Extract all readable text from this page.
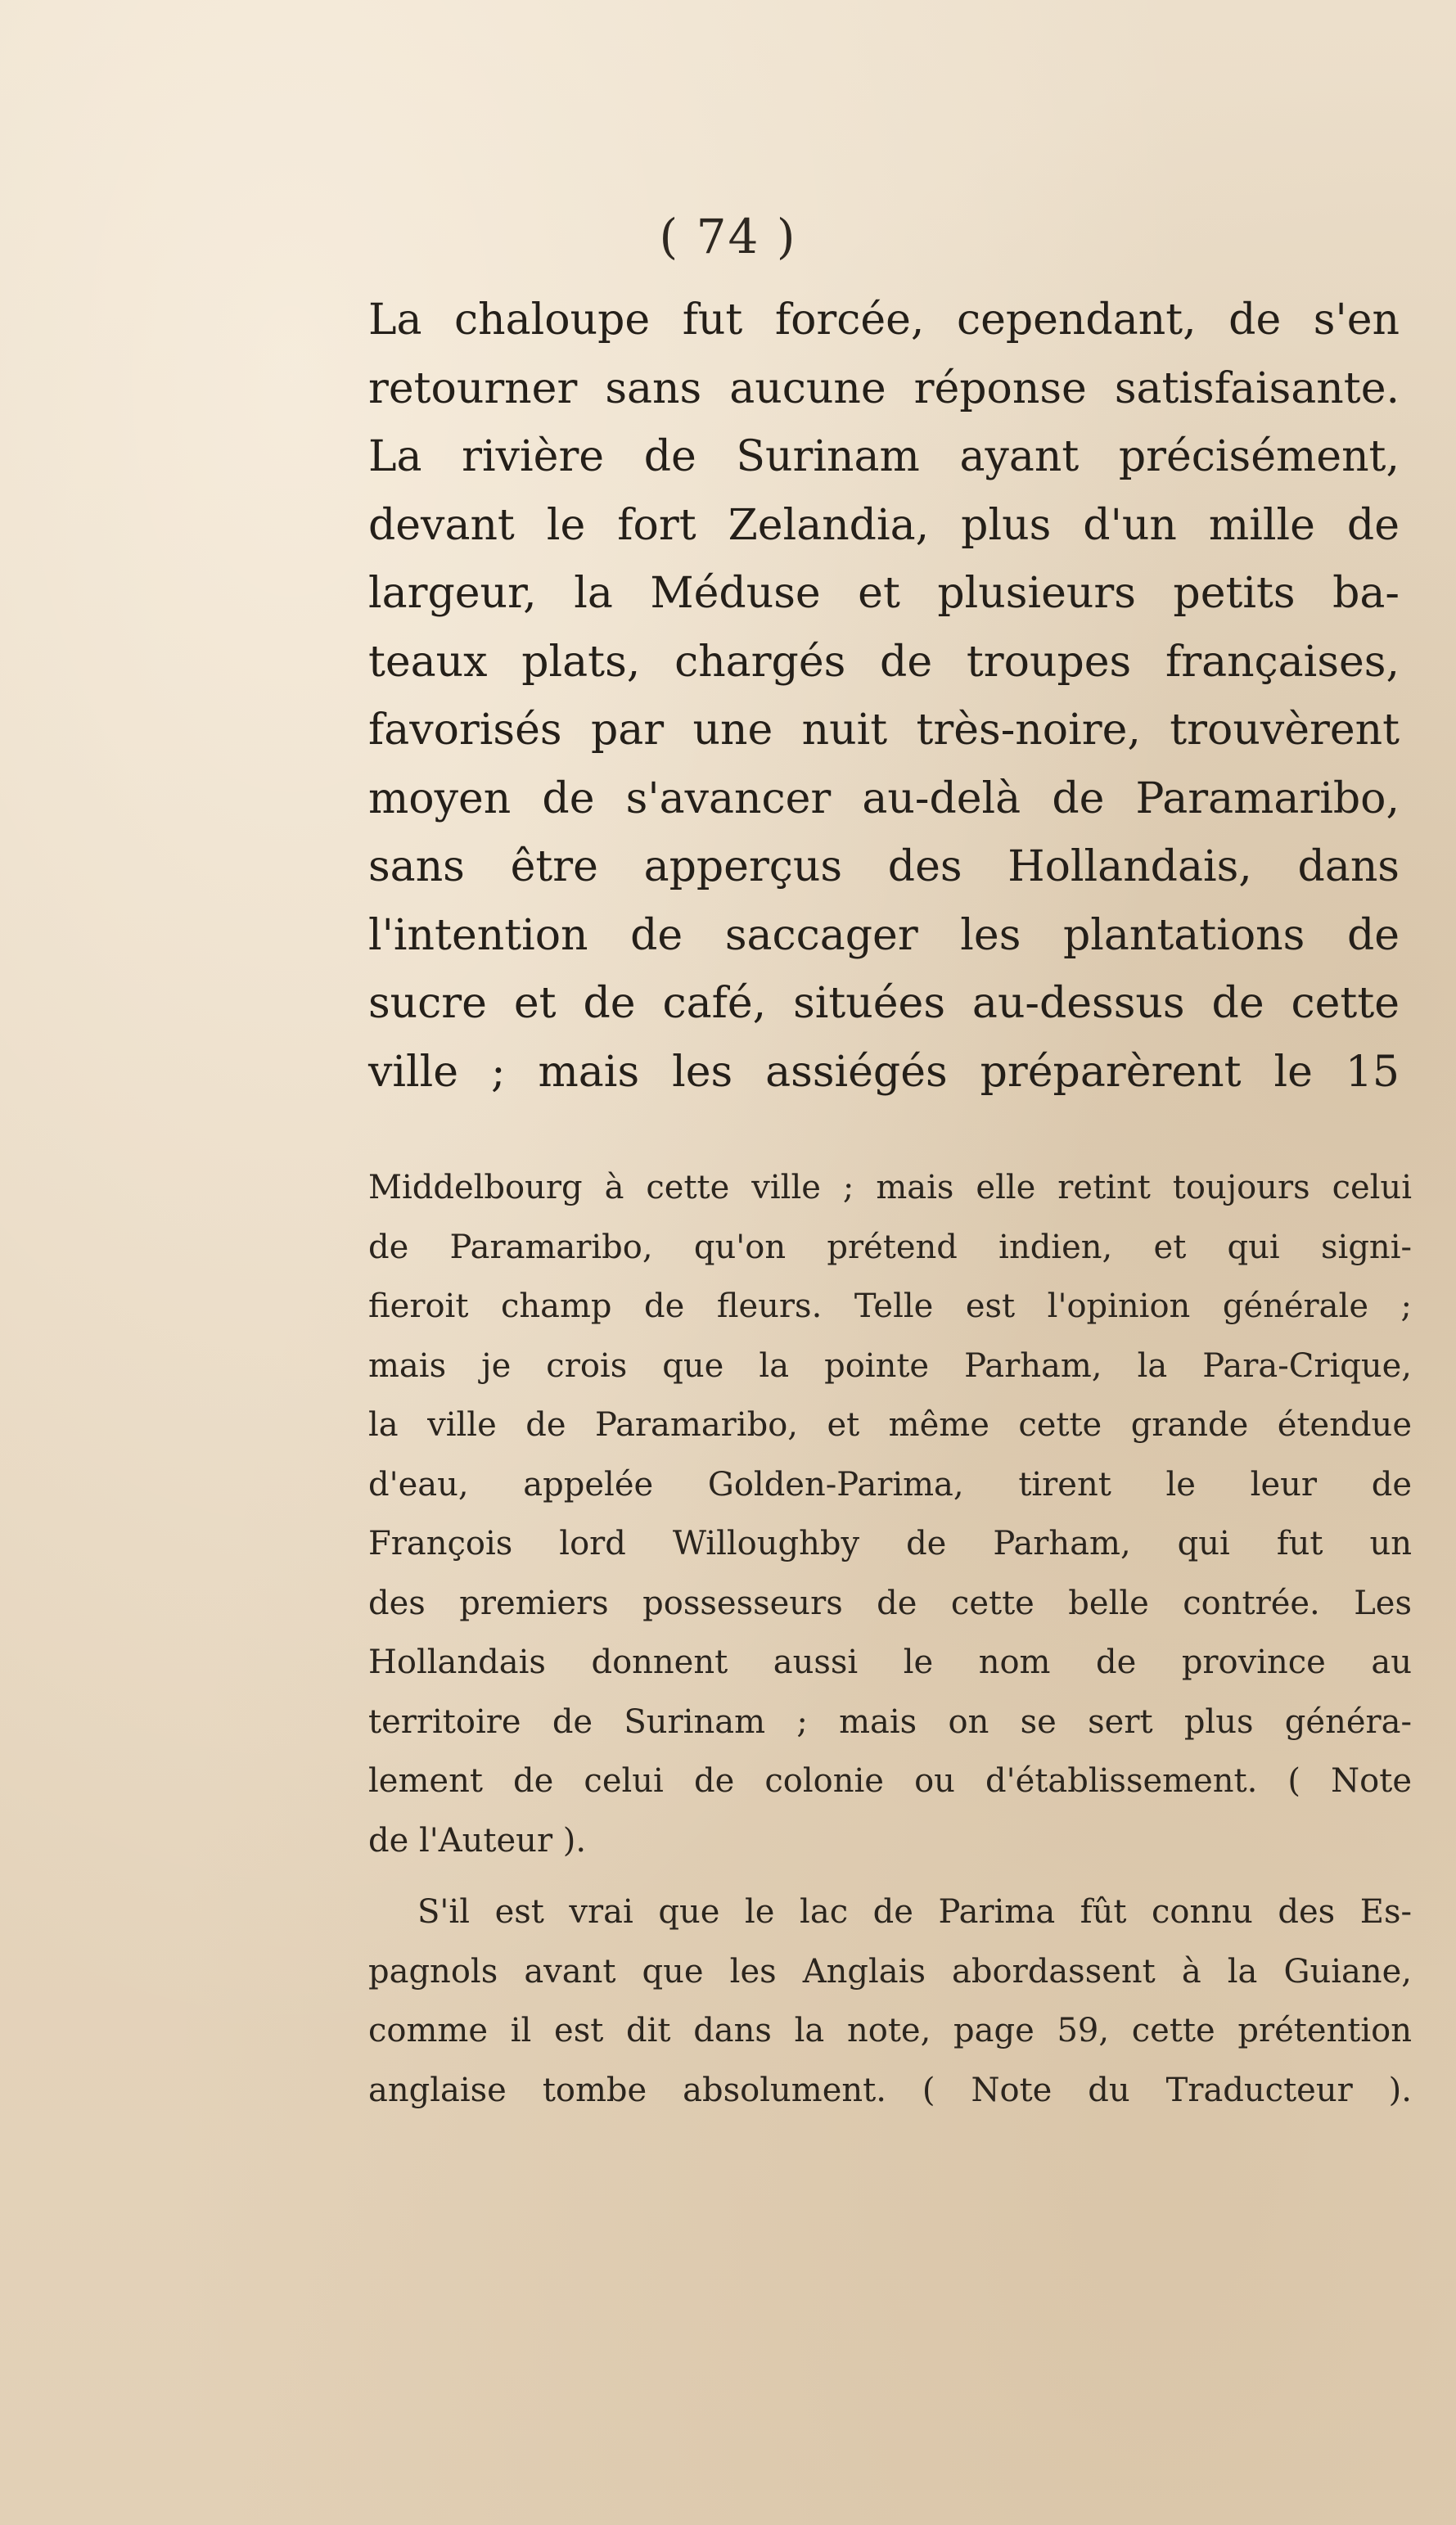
( 74 )
La chaloupe fut forcée, cependant, de s'en
retourner sans aucune réponse satisfaisante.
La rivière de Surinam ayant précisément,
devant le fort Zelandia, plus d'un mille de
largeur, la Méduse et plusieurs petits ba-
teaux plats, chargés de troupes françaises,
favorisés par une nuit très-noire, trouvèrent
moyen de s'avancer au-delà de Paramaribo,
sans être apperçus des Hollandais, dans
l'intention de saccager les plantations de
sucre et de café, situées au-dessus de cette
ville ; mais les assiégés préparèrent le 15
Middelbourg à cette ville ; mais elle retint toujours celui
de Paramaribo, qu'on prétend indien, et qui signi-
fieroit champ de fleurs. Telle est l'opinion générale ;
mais je crois que la pointe Parham, la Para-Crique,
la ville de Paramaribo, et même cette grande étendue
d'eau, appelée Golden-Parima, tirent le leur de
François lord Willoughby de Parham, qui fut un
des premiers possesseurs de cette belle contrée. Les
Hollandais donnent aussi le nom de province au
territoire de Surinam ; mais on se sert plus généra-
lement de celui de colonie ou d'établissement. ( Note
de l'Auteur ).
S'il est vrai que le lac de Parima fût connu des Es-
pagnols avant que les Anglais abordassent à la Guiane,
comme il est dit dans la note, page 59, cette prétention
anglaise tombe absolument. ( Note du Traducteur ).
